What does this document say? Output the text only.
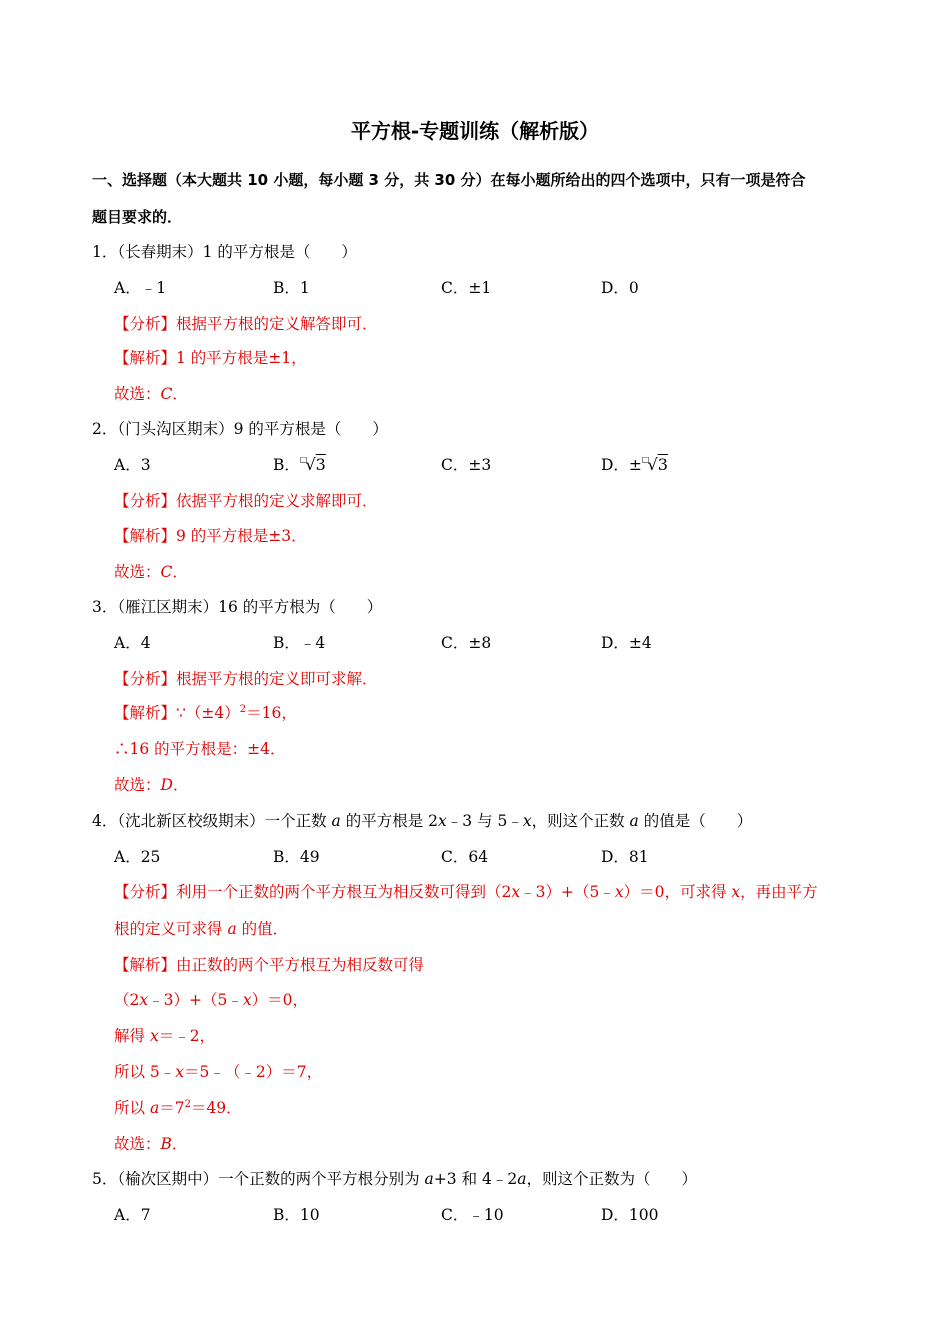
平方根-专题训练（解析版）
一、选择题（本大题共 10 小题，每小题 3 分，共 30 分）在每小题所给出的四个选项中，只有一项是符合
题目要求的．
1．（长春期末）1 的平方根是（　　）
A．﹣1	B．1	C．±1	D．0
【分析】根据平方根的定义解答即可．
【解析】1 的平方根是±1，
故选：C．
2．（门头沟区期末）9 的平方根是（　　）
A．3	B．□√3	C．±3	D．±□√3
【分析】依据平方根的定义求解即可．
【解析】9 的平方根是±3．
故选：C．
3．（雁江区期末）16 的平方根为（　　）
A．4	B．﹣4	C．±8	D．±4
【分析】根据平方根的定义即可求解．
【解析】$\because(\pm 4)^2=16$，
∴16 的平方根是：±4．
故选：D．
4．（沈北新区校级期末）一个正数 a 的平方根是 2x﹣3 与 5﹣x，则这个正数 a 的值是（　　）
A．25	B．49	C．64	D．81
【分析】利用一个正数的两个平方根互为相反数可得到（2x﹣3）+（5﹣x）＝0，可求得 x，再由平方
根的定义可求得 a 的值．
【解析】由正数的两个平方根互为相反数可得
（2x﹣3）+（5﹣x）＝0，
解得 x＝﹣2，
所以 5﹣x＝5﹣（﹣2）＝7，
所以 $a=7^2=49$．
故选：B．
5．（榆次区期中）一个正数的两个平方根分别为 a+3 和 4﹣2a，则这个正数为（　　）
A．7	B．10	C．﹣10	D．100
